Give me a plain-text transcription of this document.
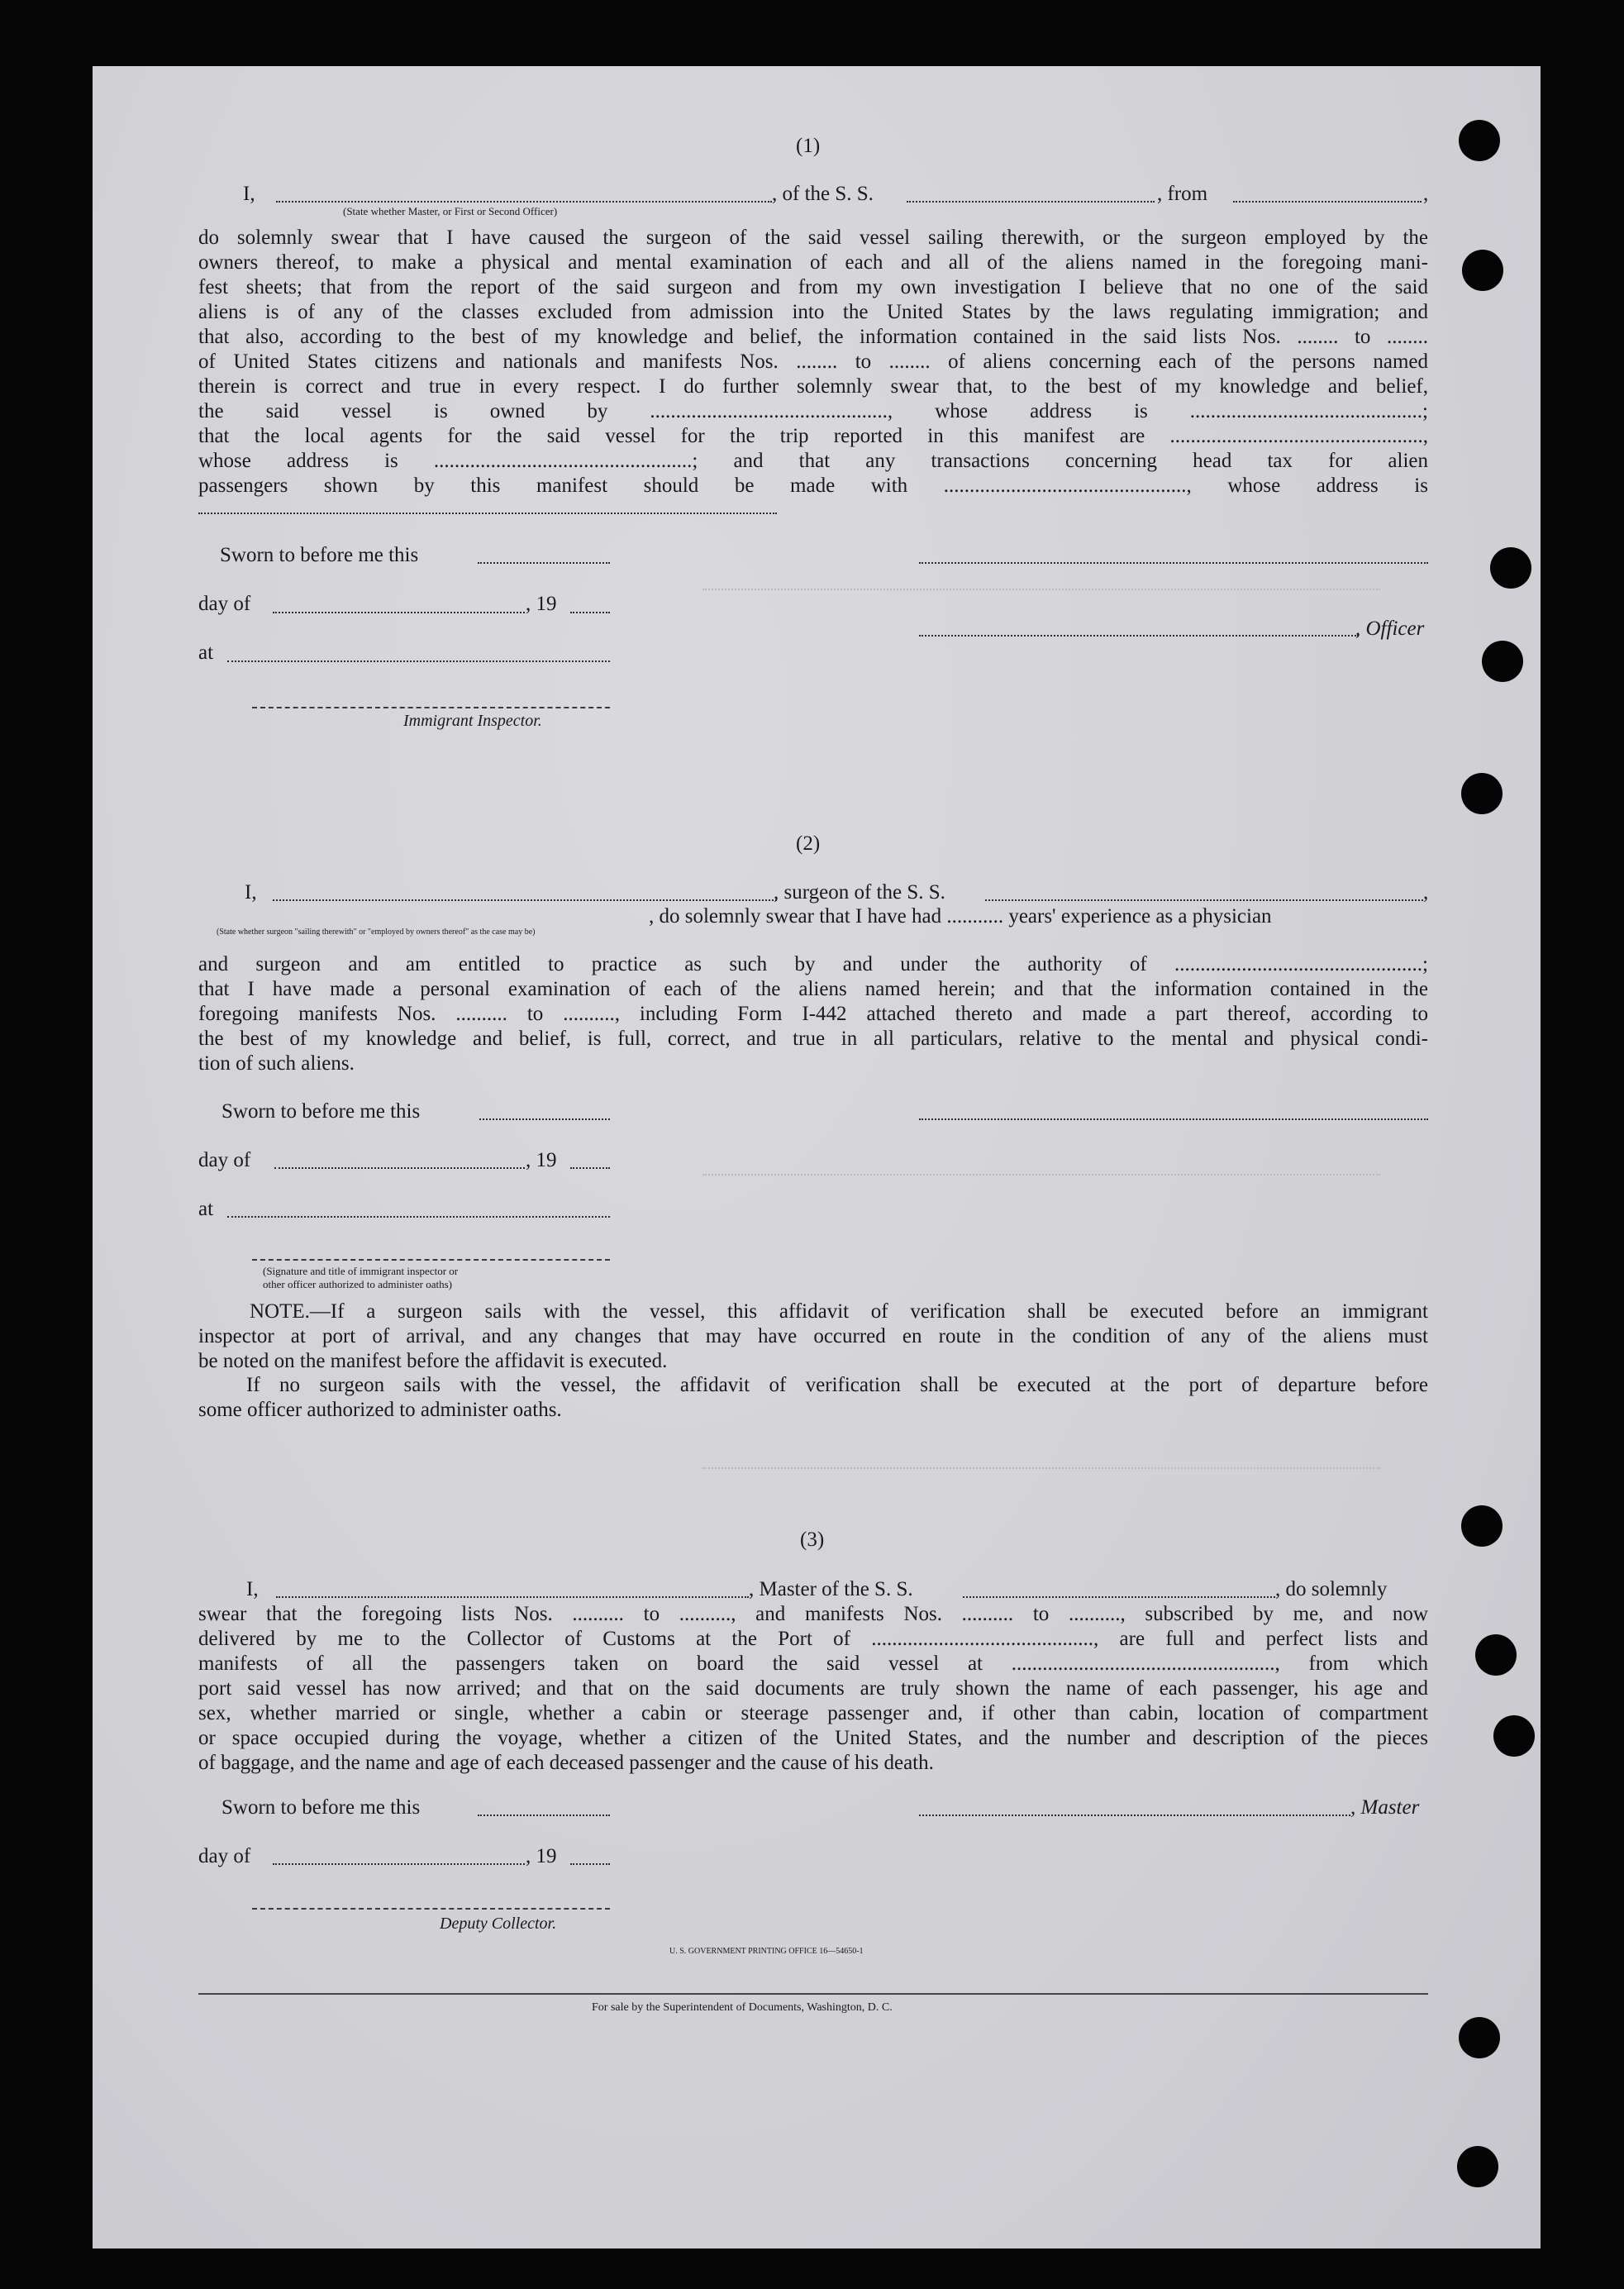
(1)
I,	, of the S. S.	, from	,
(State whether Master, or First or Second Officer)
do solemnly swear that I have caused the surgeon of the said vessel sailing therewith, or the surgeon employed by the
owners thereof, to make a physical and mental examination of each and all of the aliens named in the foregoing mani-
fest sheets; that from the report of the said surgeon and from my own investigation I believe that no one of the said
aliens is of any of the classes excluded from admission into the United States by the laws regulating immigration; and
that also, according to the best of my knowledge and belief, the information contained in the said lists Nos. ........ to ........
of United States citizens and nationals and manifests Nos. ........ to ........ of aliens concerning each of the persons named
therein is correct and true in every respect. I do further solemnly swear that, to the best of my knowledge and belief,
the said vessel is owned by .............................................., whose address is .............................................;
that the local agents for the said vessel for the trip reported in this manifest are .................................................,
whose address is ..................................................; and that any transactions concerning head tax for alien
passengers shown by this manifest should be made with ..............................................., whose address is
Sworn to before me this
day of	, 19
at
, Officer
Immigrant Inspector.
(2)
I,	, surgeon of the S. S.	,
(State whether surgeon "sailing therewith" or "employed by owners thereof" as the case may be)
, do solemnly swear that I have had ........... years' experience as a physician
and surgeon and am entitled to practice as such by and under the authority of ................................................;
that I have made a personal examination of each of the aliens named herein; and that the information contained in the
foregoing manifests Nos. .......... to .........., including Form I-442 attached thereto and made a part thereof, according to
the best of my knowledge and belief, is full, correct, and true in all particulars, relative to the mental and physical condi-
tion of such aliens.
Sworn to before me this
day of	, 19
at
(Signature and title of immigrant inspector or
other officer authorized to administer oaths)
NOTE.—If a surgeon sails with the vessel, this affidavit of verification shall be executed before an immigrant
inspector at port of arrival, and any changes that may have occurred en route in the condition of any of the aliens must
be noted on the manifest before the affidavit is executed.
If no surgeon sails with the vessel, the affidavit of verification shall be executed at the port of departure before
some officer authorized to administer oaths.
(3)
I,	, Master of the S. S.	, do solemnly
swear that the foregoing lists Nos. .......... to .........., and manifests Nos. .......... to .........., subscribed by me, and now
delivered by me to the Collector of Customs at the Port of ..........................................., are full and perfect lists and
manifests of all the passengers taken on board the said vessel at ..................................................., from which
port said vessel has now arrived; and that on the said documents are truly shown the name of each passenger, his age and
sex, whether married or single, whether a cabin or steerage passenger and, if other than cabin, location of compartment
or space occupied during the voyage, whether a citizen of the United States, and the number and description of the pieces
of baggage, and the name and age of each deceased passenger and the cause of his death.
Sworn to before me this	, Master
day of	, 19
Deputy Collector.
U. S. GOVERNMENT PRINTING OFFICE 16—54650-1
For sale by the Superintendent of Documents, Washington, D. C.
